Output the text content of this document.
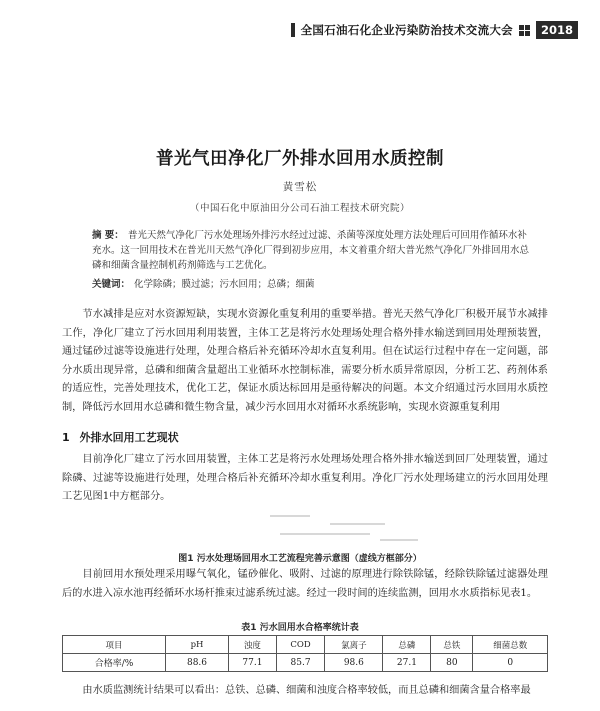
全国石油石化企业污染防治技术交流大会	2018
普光气田净化厂外排水回用水质控制
黄雪松
（中国石化中原油田分公司石油工程技术研究院）
摘 要： 普光天然气净化厂污水处理场外排污水经过过滤、杀菌等深度处理方法处理后可回用作循环水补充水。这一回用技术在普光川天然气净化厂得到初步应用，本文着重介绍大普光然气净化厂外排回用水总磷和细菌含量控制机药剂筛选与工艺优化。
关键词： 化学除磷；膜过滤；污水回用；总磷；细菌
节水减排是应对水资源短缺，实现水资源化重复利用的重要举措。普光天然气净化厂积极开展节水减排工作，净化厂建立了污水回用利用装置，主体工艺是将污水处理场处理合格外排水输送到回用处理预装置，通过锰砂过滤等设施进行处理，处理合格后补充循环冷却水直复利用。但在试运行过程中存在一定问题，部分水质出现异常，总磷和细菌含量超出工业循环水控制标准，需要分析水质异常原因，分析工艺、药剂体系的适应性，完善处理技术，优化工艺，保证水质达标回用是亟待解决的问题。本文介绍通过污水回用水质控制，降低污水回用水总磷和微生物含量，减少污水回用水对循环水系统影响，实现水资源重复利用
1 外排水回用工艺现状
目前净化厂建立了污水回用装置，主体工艺是将污水处理场处理合格外排水输送到回厂处理装置，通过除磷、过滤等设施进行处理，处理合格后补充循环冷却水重复利用。净化厂污水处理场建立的污水回用处理工艺见图1中方框部分。
图1 污水处理场回用水工艺流程完善示意图（虚线方框部分）
目前回用水预处理采用曝气氧化，锰砂催化、吸附、过滤的原理进行除铁除锰，经除铁除锰过滤器处理后的水进入凉水池再经循环水场杆推束过滤系统过滤。经过一段时间的连续监测，回用水水质指标见表1。
表1 污水回用水合格率统计表
项目	pH	浊度	COD	氯离子	总磷	总铁	细菌总数
合格率/%	88.6	77.1	85.7	98.6	27.1	80	0
由水质监测统计结果可以看出：总铁、总磷、细菌和浊度合格率较低，而且总磷和细菌含量合格率最
